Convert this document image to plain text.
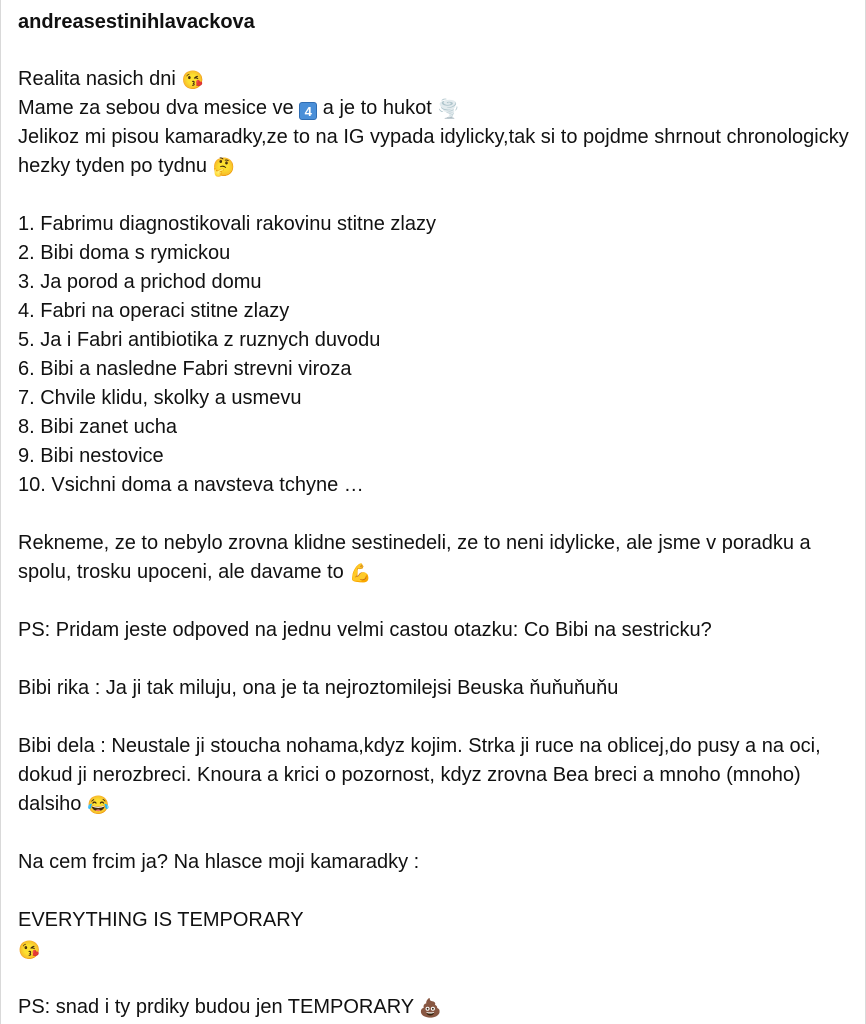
andreasestinihlavackova
Realita nasich dni 😘
Mame za sebou dva mesice ve 4 a je to hukot 🌪️
Jelikoz mi pisou kamaradky,ze to na IG vypada idylicky,tak si to pojdme shrnout chronologicky hezky tyden po tydnu 🤔
1. Fabrimu diagnostikovali rakovinu stitne zlazy
2. Bibi doma s rymickou
3. Ja porod a prichod domu
4. Fabri na operaci stitne zlazy
5. Ja i Fabri antibiotika z ruznych duvodu
6. Bibi a nasledne Fabri strevni viroza
7. Chvile klidu, skolky a usmevu
8. Bibi zanet ucha
9. Bibi nestovice
10. Vsichni doma a navsteva tchyne …
Rekneme, ze to nebylo zrovna klidne sestinedeli, ze to neni idylicke, ale jsme v poradku a spolu, trosku upoceni, ale davame to 💪
PS: Pridam jeste odpoved na jednu velmi castou otazku: Co Bibi na sestricku?
Bibi rika : Ja ji tak miluju, ona je ta nejroztomilejsi Beuska ňuňuňuňu
Bibi dela : Neustale ji stoucha nohama,kdyz kojim. Strka ji ruce na oblicej,do pusy a na oci, dokud ji nerozbreci. Knoura a krici o pozornost, kdyz zrovna Bea breci a mnoho (mnoho) dalsiho 😂
Na cem frcim ja? Na hlasce moji kamaradky :
EVERYTHING IS TEMPORARY
😘
PS: snad i ty prdiky budou jen TEMPORARY 💩
